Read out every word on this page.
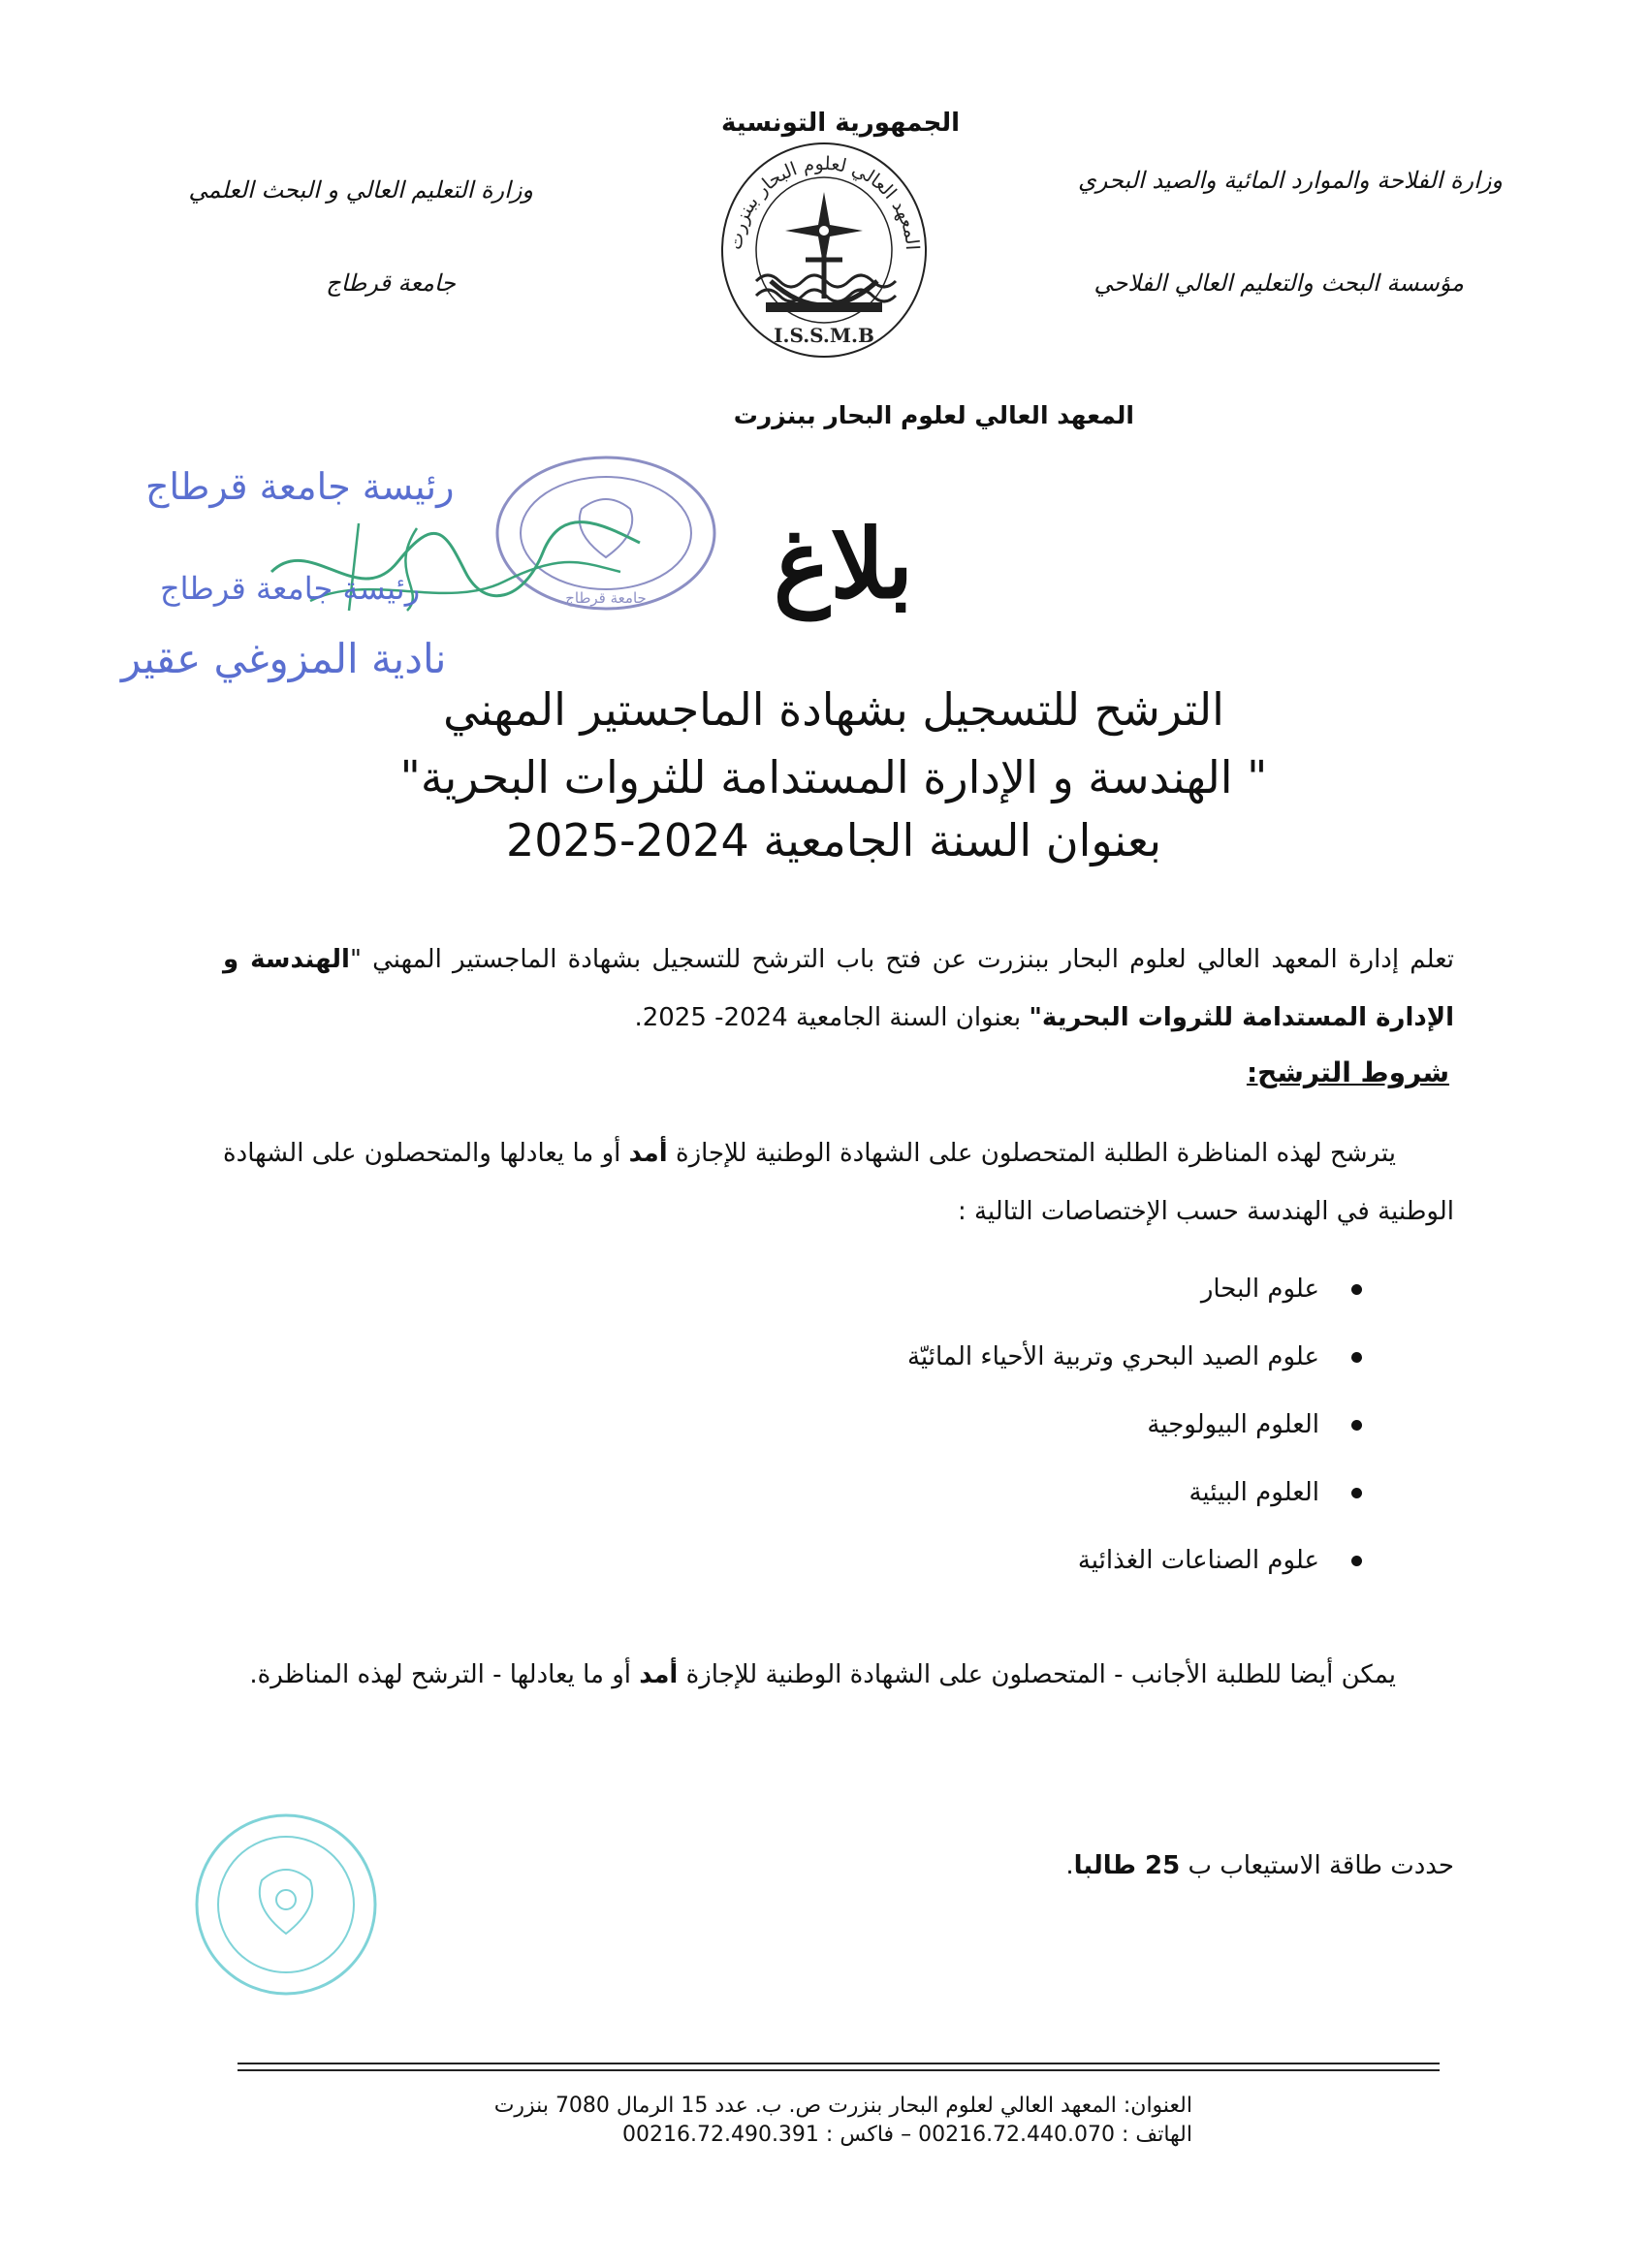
الجمهورية التونسية
وزارة الفلاحة والموارد المائية والصيد البحري
وزارة التعليم العالي و البحث العلمي
مؤسسة البحث والتعليم العالي الفلاحي
جامعة قرطاج
المعهد العالي لعلوم البحار ببنزرت
I.S.S.M.B
المعهد العالي لعلوم البحار ببنزرت
جامعة قرطاج
رئيسة جامعة قرطاج
رئيسة جامعة قرطاج
نادية المزوغي عقير
بلاغ
الترشح للتسجيل بشهادة الماجستير المهني
" الهندسة و الإدارة المستدامة للثروات البحرية"
بعنوان السنة الجامعية 2024-2025
تعلم إدارة المعهد العالي لعلوم البحار ببنزرت عن فتح باب الترشح للتسجيل بشهادة الماجستير المهني "الهندسة و الإدارة المستدامة للثروات البحرية" بعنوان السنة الجامعية 2024- 2025.
شروط الترشح:
يترشح لهذه المناظرة الطلبة المتحصلون على الشهادة الوطنية للإجازة أمد أو ما يعادلها والمتحصلون على الشهادة الوطنية في الهندسة حسب الإختصاصات التالية :
علوم البحار
علوم الصيد البحري وتربية الأحياء المائيّة
العلوم البيولوجية
العلوم البيئية
علوم الصناعات الغذائية
يمكن أيضا للطلبة الأجانب - المتحصلون على الشهادة الوطنية للإجازة أمد أو ما يعادلها - الترشح لهذه المناظرة.
حددت طاقة الاستيعاب ب 25 طالبا.
العنوان: المعهد العالي لعلوم البحار بنزرت ص. ب. عدد 15 الرمال 7080 بنزرت
الهاتف : 00216.72.440.070 – فاكس : 00216.72.490.391
